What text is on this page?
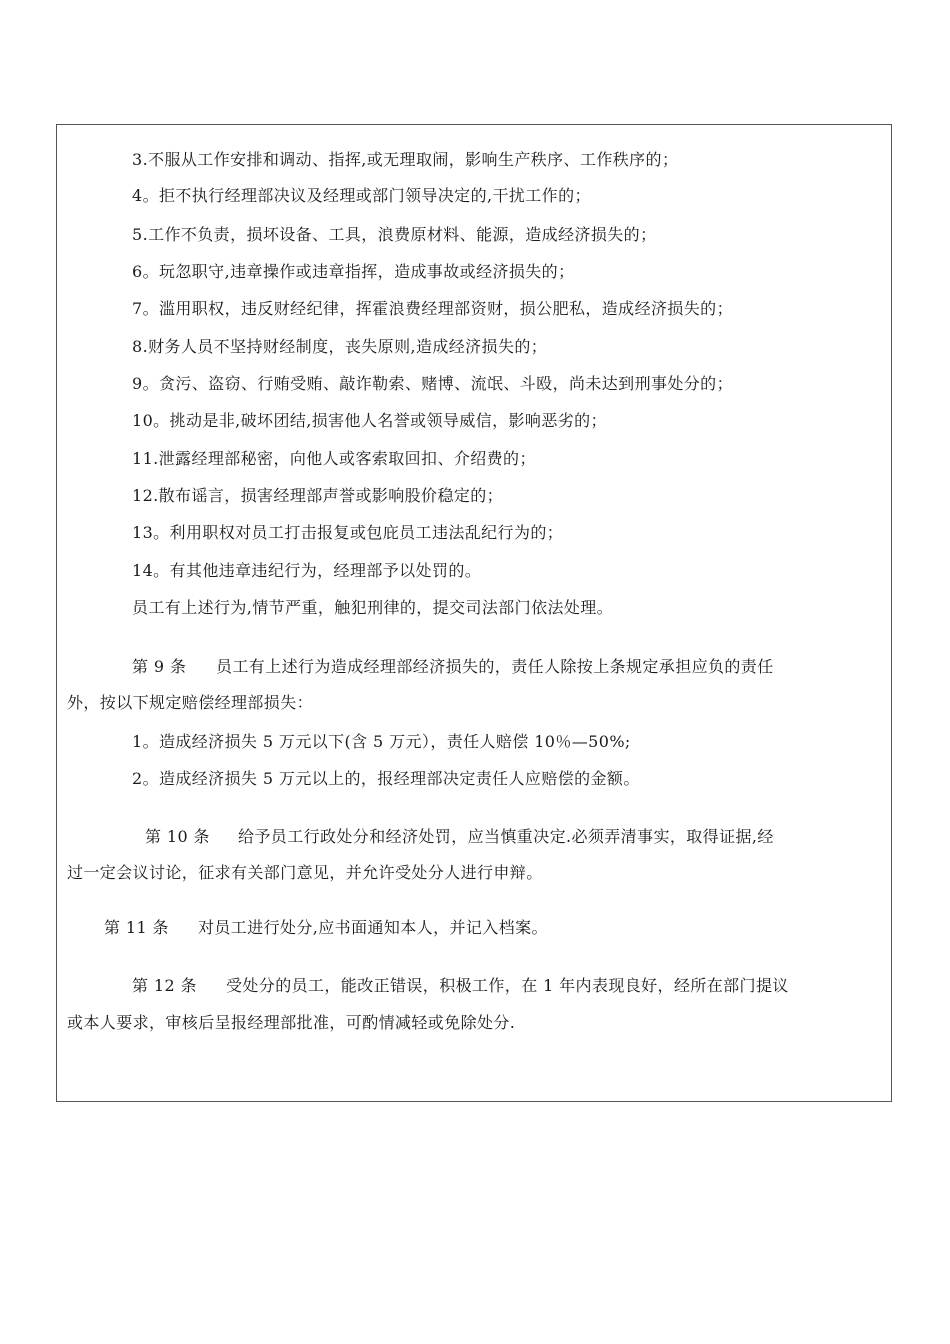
3.不服从工作安排和调动、指挥,或无理取闹，影响生产秩序、工作秩序的；
4。拒不执行经理部决议及经理或部门领导决定的,干扰工作的；
5.工作不负责，损坏设备、工具，浪费原材料、能源，造成经济损失的；
6。玩忽职守,违章操作或违章指挥，造成事故或经济损失的；
7。滥用职权，违反财经纪律，挥霍浪费经理部资财，损公肥私，造成经济损失的；
8.财务人员不坚持财经制度，丧失原则,造成经济损失的；
9。贪污、盗窃、行贿受贿、敲诈勒索、赌博、流氓、斗殴，尚未达到刑事处分的；
10。挑动是非,破坏团结,损害他人名誉或领导威信，影响恶劣的；
11.泄露经理部秘密，向他人或客索取回扣、介绍费的；
12.散布谣言，损害经理部声誉或影响股价稳定的；
13。利用职权对员工打击报复或包庇员工违法乱纪行为的；
14。有其他违章违纪行为，经理部予以处罚的。
员工有上述行为,情节严重，触犯刑律的，提交司法部门依法处理。
第 9 条 员工有上述行为造成经理部经济损失的，责任人除按上条规定承担应负的责任
外，按以下规定赔偿经理部损失：
1。造成经济损失 5 万元以下(含 5 万元），责任人赔偿 10％—50%;
2。造成经济损失 5 万元以上的，报经理部决定责任人应赔偿的金额。
第 10 条 给予员工行政处分和经济处罚，应当慎重决定.必须弄清事实，取得证据,经
过一定会议讨论，征求有关部门意见，并允许受处分人进行申辩。
第 11 条 对员工进行处分,应书面通知本人，并记入档案。
第 12 条 受处分的员工，能改正错误，积极工作，在 1 年内表现良好，经所在部门提议
或本人要求，审核后呈报经理部批准，可酌情减轻或免除处分.
